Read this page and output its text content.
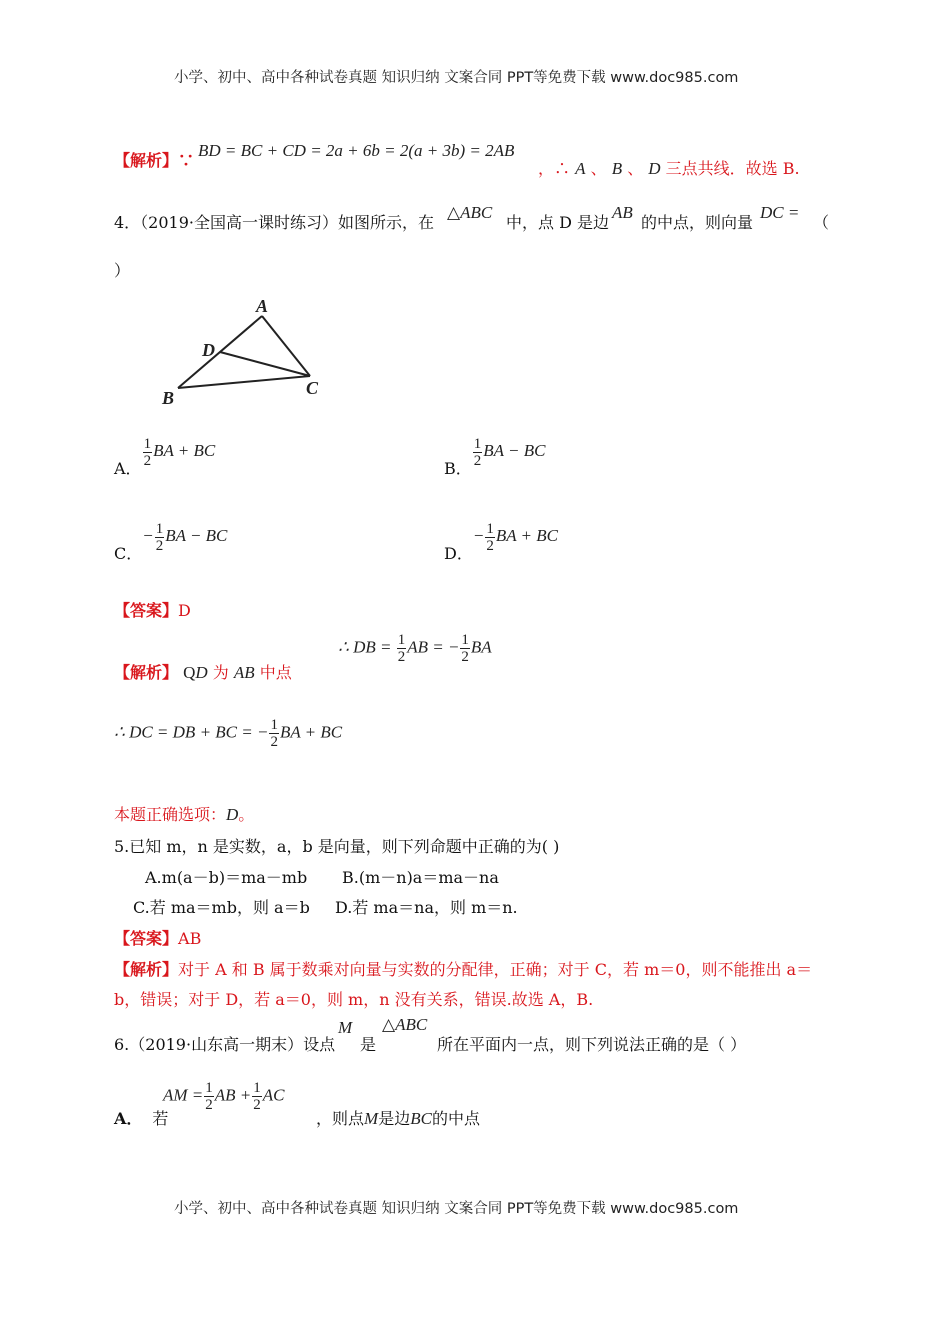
小学、初中、高中各种试卷真题 知识归纳 文案合同 PPT等免费下载 www.doc985.com
【解析】∵
BD = BC + CD = 2a + 6b = 2(a + 3b) = 2AB
，∴ A 、 B 、 D 三点共线．故选 B.
4．（2019·全国高一课时练习）如图所示，在
△ABC
中，点 D 是边
AB
的中点，则向量
DC =
（
）
A
B	C
D
A． $\frac{1}{2}$ BA + BC
B． $\frac{1}{2}$ BA − BC
C．− $\frac{1}{2}$ BA − BC
D．− $\frac{1}{2}$ BA + BC
【答案】D
【解析】 QD 为 AB 中点
∴ DB = $\frac{1}{2}$ AB = − $\frac{1}{2}$ BA
∴ DC = DB + BC = − $\frac{1}{2}$ BA + BC
本题正确选项：D。
5.已知 m，n 是实数，a，b 是向量，则下列命题中正确的为( )
A.m(a－b)＝ma－mb B.(m－n)a＝ma－na
C.若 ma＝mb，则 a＝b D.若 ma＝na，则 m＝n.
【答案】AB
【解析】对于 A 和 B 属于数乘对向量与实数的分配律，正确；对于 C，若 m＝0，则不能推出 a＝
b，错误；对于 D，若 a＝0，则 m，n 没有关系，错误.故选 A，B.
6.（2019·山东高一期末）设点
M
是
△ABC
所在平面内一点，则下列说法正确的是（ ）
A． 若
AM = $\frac{1}{2}$ AB + $\frac{1}{2}$ AC
，则点M是边BC的中点
小学、初中、高中各种试卷真题 知识归纳 文案合同 PPT等免费下载 www.doc985.com
